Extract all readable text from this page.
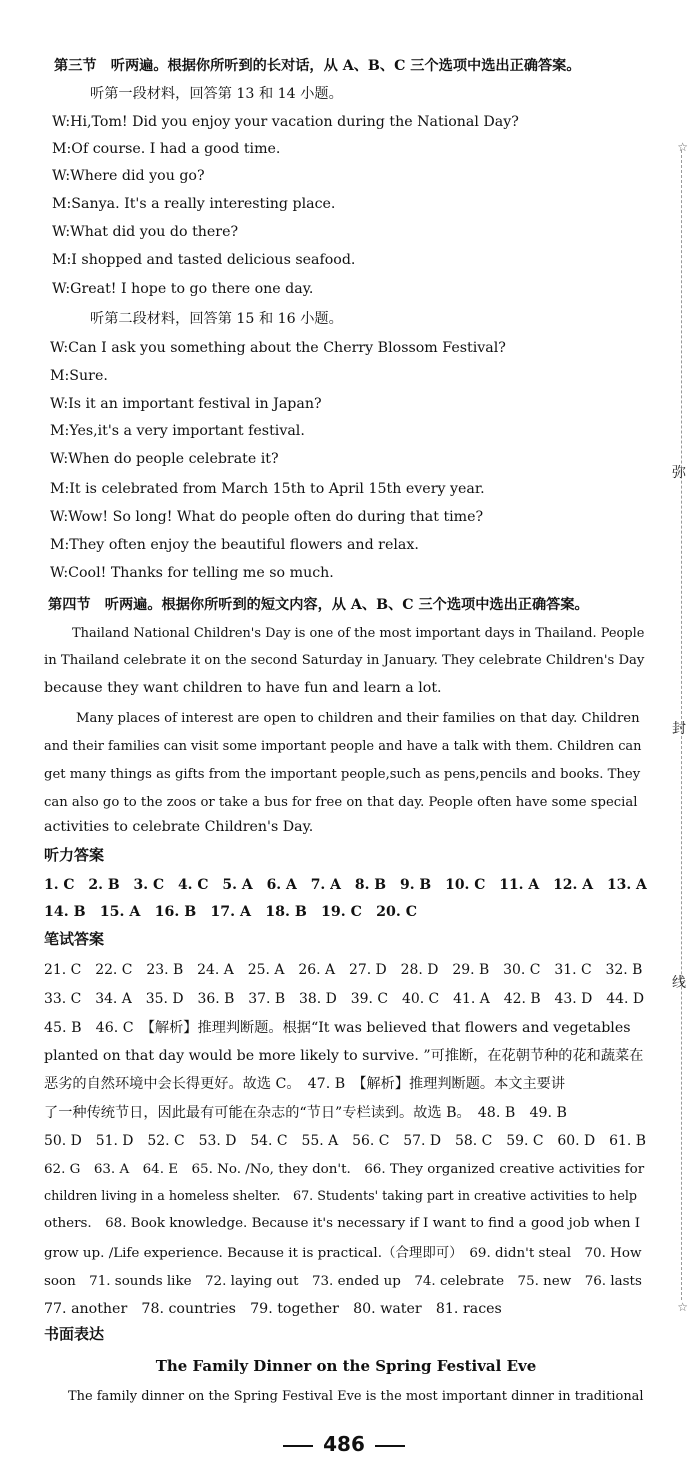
第三节　听两遍。根据你所听到的长对话，从 A、B、C 三个选项中选出正确答案。
听第一段材料，回答第 13 和 14 小题。
W:Hi,Tom! Did you enjoy your vacation during the National Day?
M:Of course. I had a good time.
W:Where did you go?
M:Sanya. It's a really interesting place.
W:What did you do there?
M:I shopped and tasted delicious seafood.
W:Great! I hope to go there one day.
听第二段材料，回答第 15 和 16 小题。
W:Can I ask you something about the Cherry Blossom Festival?
M:Sure.
W:Is it an important festival in Japan?
M:Yes,it's a very important festival.
W:When do people celebrate it?
M:It is celebrated from March 15th to April 15th every year.
W:Wow! So long! What do people often do during that time?
M:They often enjoy the beautiful flowers and relax.
W:Cool! Thanks for telling me so much.
第四节　听两遍。根据你所听到的短文内容，从 A、B、C 三个选项中选出正确答案。
Thailand National Children's Day is one of the most important days in Thailand. People
in Thailand celebrate it on the second Saturday in January. They celebrate Children's Day
because they want children to have fun and learn a lot.
Many places of interest are open to children and their families on that day. Children
and their families can visit some important people and have a talk with them. Children can
get many things as gifts from the important people,such as pens,pencils and books. They
can also go to the zoos or take a bus for free on that day. People often have some special
activities to celebrate Children's Day.
听力答案
1. C　2. B　3. C　4. C　5. A　6. A　7. A　8. B　9. B　10. C　11. A　12. A　13. A
14. B　15. A　16. B　17. A　18. B　19. C　20. C
笔试答案
21. C　22. C　23. B　24. A　25. A　26. A　27. D　28. D　29. B　30. C　31. C　32. B
33. C　34. A　35. D　36. B　37. B　38. D　39. C　40. C　41. A　42. B　43. D　44. D
45. B　46. C　【解析】推理判断题。根据“It was believed that flowers and vegetables
planted on that day would be more likely to survive. ”可推断，在花朝节种的花和蔬菜在
恶劣的自然环境中会长得更好。故选 C。　47. B　【解析】推理判断题。本文主要讲
了一种传统节日，因此最有可能在杂志的“节日”专栏读到。故选 B。　48. B　49. B
50. D　51. D　52. C　53. D　54. C　55. A　56. C　57. D　58. C　59. C　60. D　61. B
62. G　63. A　64. E　65. No. /No, they don't.　66. They organized creative activities for
children living in a homeless shelter.　67. Students' taking part in creative activities to help
others.　68. Book knowledge. Because it's necessary if I want to find a good job when I
grow up. /Life experience. Because it is practical.（合理即可）　69. didn't steal　70. How
soon　71. sounds like　72. laying out　73. ended up　74. celebrate　75. new　76. lasts
77. another　78. countries　79. together　80. water　81. races
书面表达
The Family Dinner on the Spring Festival Eve
The family dinner on the Spring Festival Eve is the most important dinner in traditional
486
☆
弥
封
线
☆
